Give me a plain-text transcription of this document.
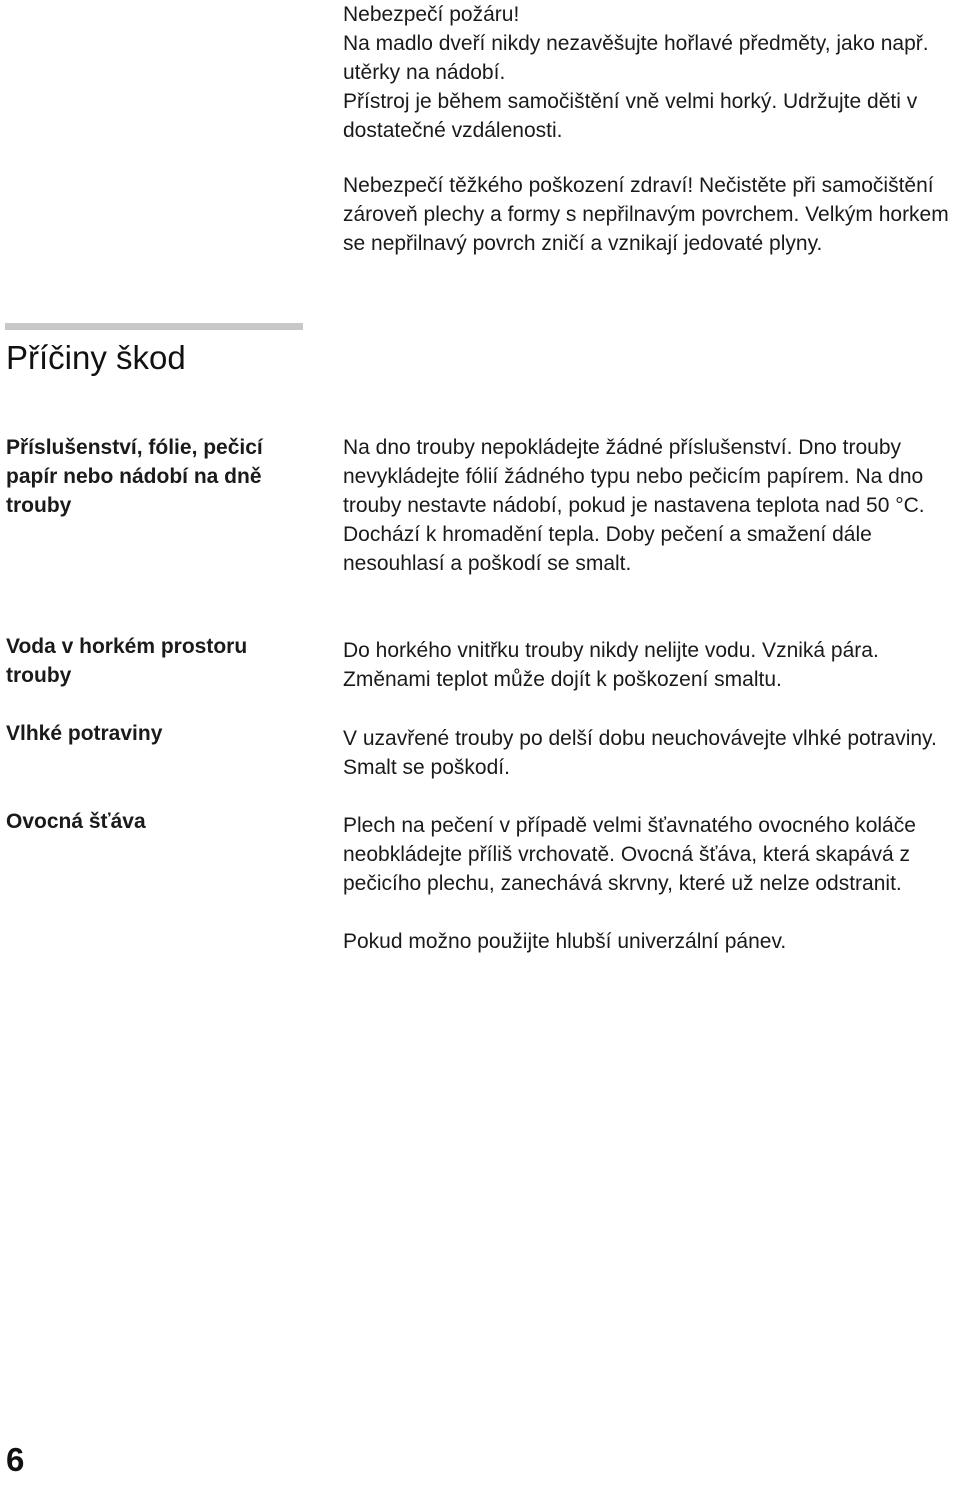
Nebezpečí požáru!

Na madlo dveří nikdy nezavěšujte hořlavé předměty, jako např. utěrky na nádobí.

Přístroj je během samočištění vně velmi horký. Udržujte děti v dostatečné vzdálenosti.

Nebezpečí těžkého poškození zdraví! Nečistěte při samočištění zároveň plechy a formy s nepřilnavým povrchem. Velkým horkem se nepřilnavý povrch zničí a vznikají jedovaté plyny.

Příčiny škod
Příslušenství, fólie, pečicí papír nebo nádobí na dně trouby

Na dno trouby nepokládejte žádné příslušenství. Dno trouby nevykládejte fólií žádného typu nebo pečicím papírem. Na dno trouby nestavte nádobí, pokud je nastavena teplota nad 50 °C.

Dochází k hromadění tepla. Doby pečení a smažení dále nesouhlasí a poškodí se smalt.

Voda v horkém prostoru trouby

Do horkého vnitřku trouby nikdy nelijte vodu. Vzniká pára. Změnami teplot může dojít k poškození smaltu.

Vlhké potraviny	V uzavřené trouby po delší dobu neuchovávejte vlhké potraviny. Smalt se poškodí.

Ovocná šťáva	Plech na pečení v případě velmi šťavnatého ovocného koláče neobkládejte příliš vrchovatě. Ovocná šťáva, která skapává z pečicího plechu, zanechává skrvny, které už nelze odstranit.

Pokud možno použijte hlubší univerzální pánev.

6
